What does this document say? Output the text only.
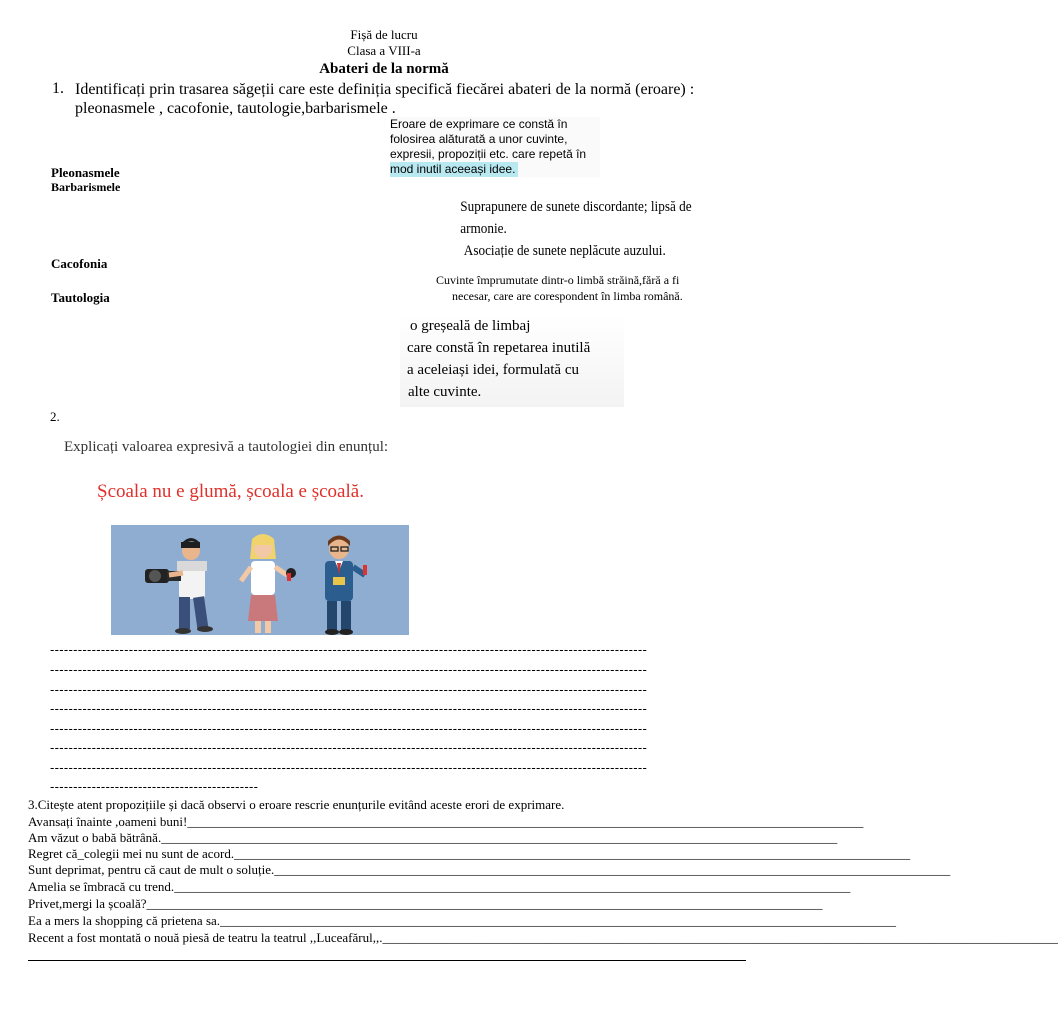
Fișă de lucru
Clasa a VIII-a
Abateri de la normă
1. Identificați prin trasarea săgeții care este definiția specifică fiecărei abateri de la normă (eroare) : pleonasmele , cacofonie, tautologie,barbarismele .
Pleonasmele
Barbarismele
Cacofonia
Tautologia
Eroare de exprimare ce constă în
folosirea alăturată a unor cuvinte,
expresii, propoziții etc. care repetă în
mod inutil aceeași idee.
Suprapunere de sunete discordante; lipsă de
armonie.
Asociație de sunete neplăcute auzului.
Cuvinte împrumutate dintr-o limbă străină,fără a fi
necesar, care are corespondent în limba română.
o greșeală de limbaj
care constă în repetarea inutilă
a aceleiași idei, formulată cu
alte cuvinte.
2.
Explicați valoarea expresivă a tautologiei din enunțul:
Școala nu e glumă, școala e școală.
---------------------------------------------------------------------------------------------------------------------------------
---------------------------------------------------------------------------------------------------------------------------------
---------------------------------------------------------------------------------------------------------------------------------
---------------------------------------------------------------------------------------------------------------------------------
---------------------------------------------------------------------------------------------------------------------------------
---------------------------------------------------------------------------------------------------------------------------------
---------------------------------------------------------------------------------------------------------------------------------
---------------------------------------------
3.Citește atent propozițiile și dacă observi o eroare rescrie enunțurile evitând aceste erori de exprimare.
Avansați înainte ,oameni buni!________________________________________________________________________________________________________
Am văzut o babă bătrână.________________________________________________________________________________________________________
Regret că_colegii mei nu sunt de acord.________________________________________________________________________________________________________
Sunt deprimat, pentru că caut de mult o soluție.________________________________________________________________________________________________________
Amelia se îmbracă cu trend.________________________________________________________________________________________________________
Privet,mergi la școală?________________________________________________________________________________________________________
Ea a mers la shopping că prietena sa.________________________________________________________________________________________________________
Recent a fost montată o nouă piesă de teatru la teatrul ,,Luceafărul,,.________________________________________________________________________________________________________
